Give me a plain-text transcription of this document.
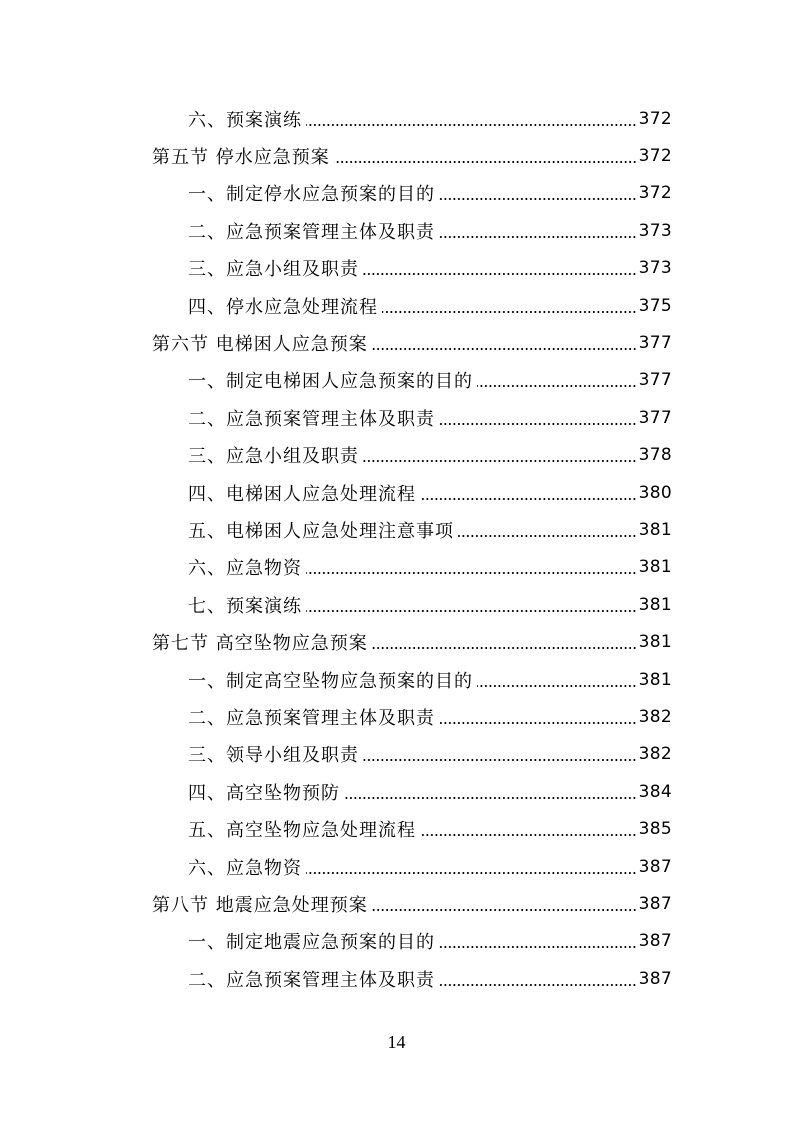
六、预案演练	372
第五节 停水应急预案	372
一、制定停水应急预案的目的	372
二、应急预案管理主体及职责	373
三、应急小组及职责	373
四、停水应急处理流程	375
第六节 电梯困人应急预案	377
一、制定电梯困人应急预案的目的	377
二、应急预案管理主体及职责	377
三、应急小组及职责	378
四、电梯困人应急处理流程	380
五、电梯困人应急处理注意事项	381
六、应急物资	381
七、预案演练	381
第七节 高空坠物应急预案	381
一、制定高空坠物应急预案的目的	381
二、应急预案管理主体及职责	382
三、领导小组及职责	382
四、高空坠物预防	384
五、高空坠物应急处理流程	385
六、应急物资	387
第八节 地震应急处理预案	387
一、制定地震应急预案的目的	387
二、应急预案管理主体及职责	387
14
